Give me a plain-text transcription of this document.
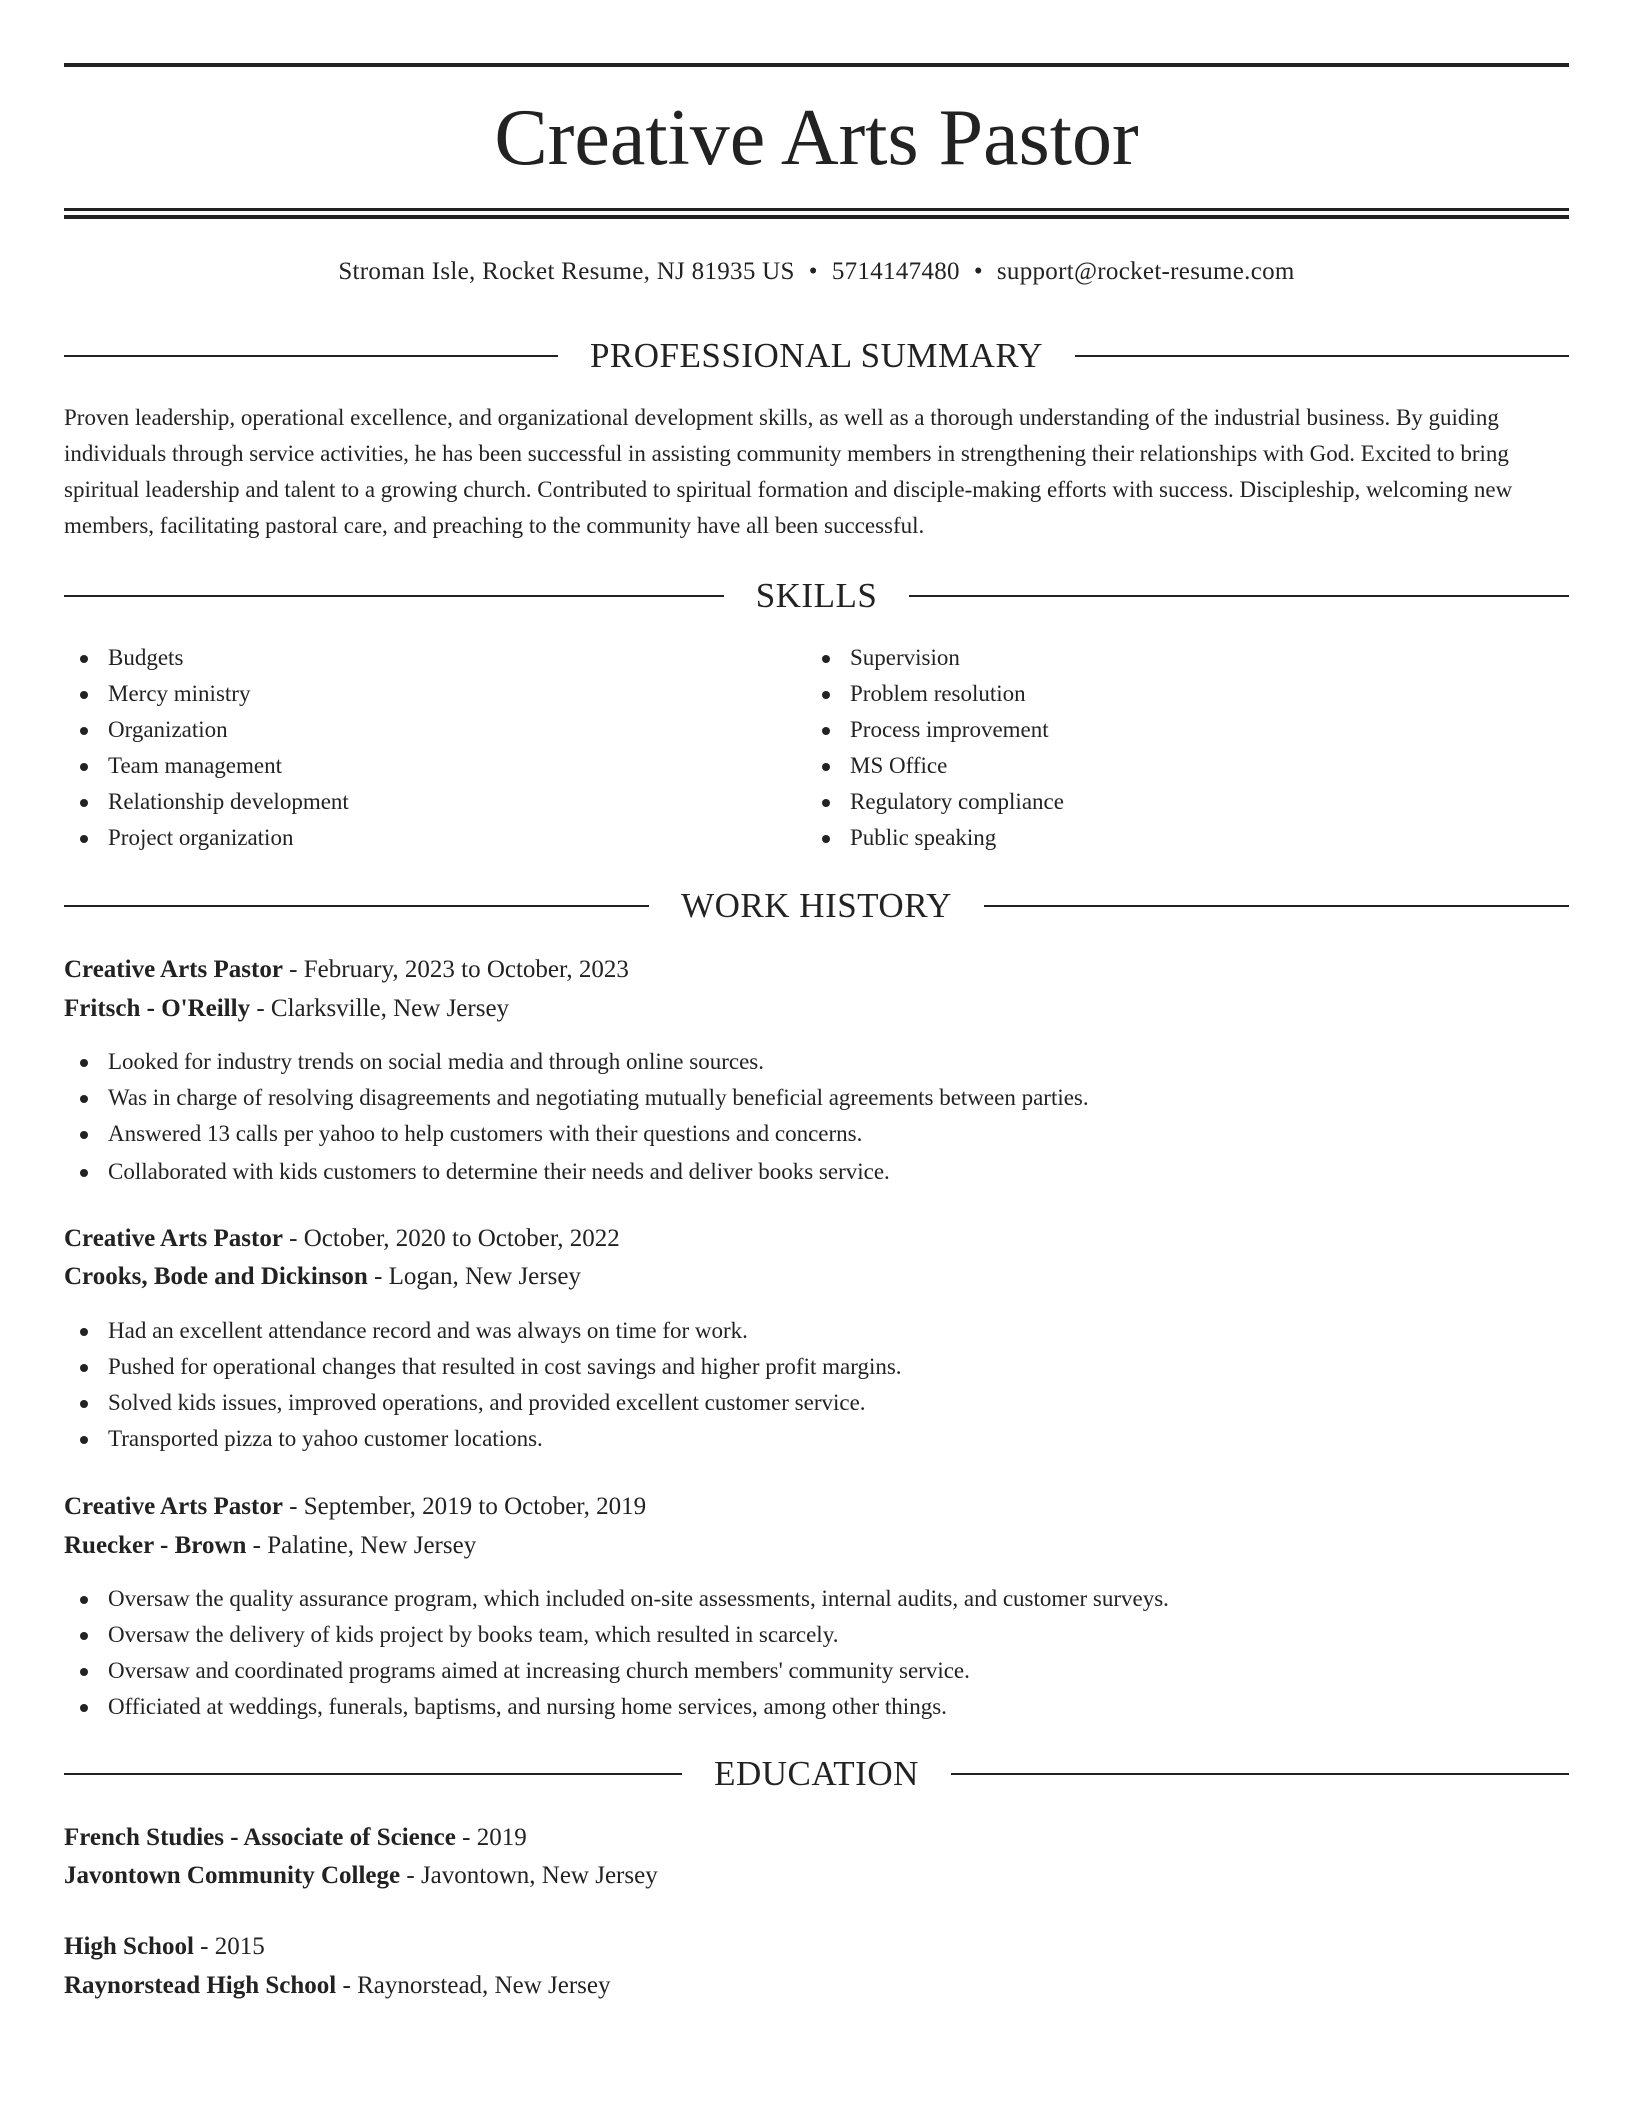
Creative Arts Pastor
Stroman Isle, Rocket Resume, NJ 81935 US • 5714147480 • support@rocket-resume.com
PROFESSIONAL SUMMARY

Proven leadership, operational excellence, and organizational development skills, as well as a thorough understanding of the industrial business. By guiding individuals through service activities, he has been successful in assisting community members in strengthening their relationships with God. Excited to bring spiritual leadership and talent to a growing church. Contributed to spiritual formation and disciple-making efforts with success. Discipleship, welcoming new members, facilitating pastoral care, and preaching to the community have all been successful.

SKILLS
Budgets
Mercy ministry
Organization
Team management
Relationship development
Project organization
Supervision
Problem resolution
Process improvement
MS Office
Regulatory compliance
Public speaking
WORK HISTORY
Creative Arts Pastor - February, 2023 to October, 2023
Fritsch - O'Reilly - Clarksville, New Jersey
Looked for industry trends on social media and through online sources.
Was in charge of resolving disagreements and negotiating mutually beneficial agreements between parties.
Answered 13 calls per yahoo to help customers with their questions and concerns.
Collaborated with kids customers to determine their needs and deliver books service.
Creative Arts Pastor - October, 2020 to October, 2022
Crooks, Bode and Dickinson - Logan, New Jersey
Had an excellent attendance record and was always on time for work.
Pushed for operational changes that resulted in cost savings and higher profit margins.
Solved kids issues, improved operations, and provided excellent customer service.
Transported pizza to yahoo customer locations.
Creative Arts Pastor - September, 2019 to October, 2019
Ruecker - Brown - Palatine, New Jersey
Oversaw the quality assurance program, which included on-site assessments, internal audits, and customer surveys.
Oversaw the delivery of kids project by books team, which resulted in scarcely.
Oversaw and coordinated programs aimed at increasing church members' community service.
Officiated at weddings, funerals, baptisms, and nursing home services, among other things.
EDUCATION
French Studies - Associate of Science - 2019
Javontown Community College - Javontown, New Jersey
High School - 2015
Raynorstead High School - Raynorstead, New Jersey
